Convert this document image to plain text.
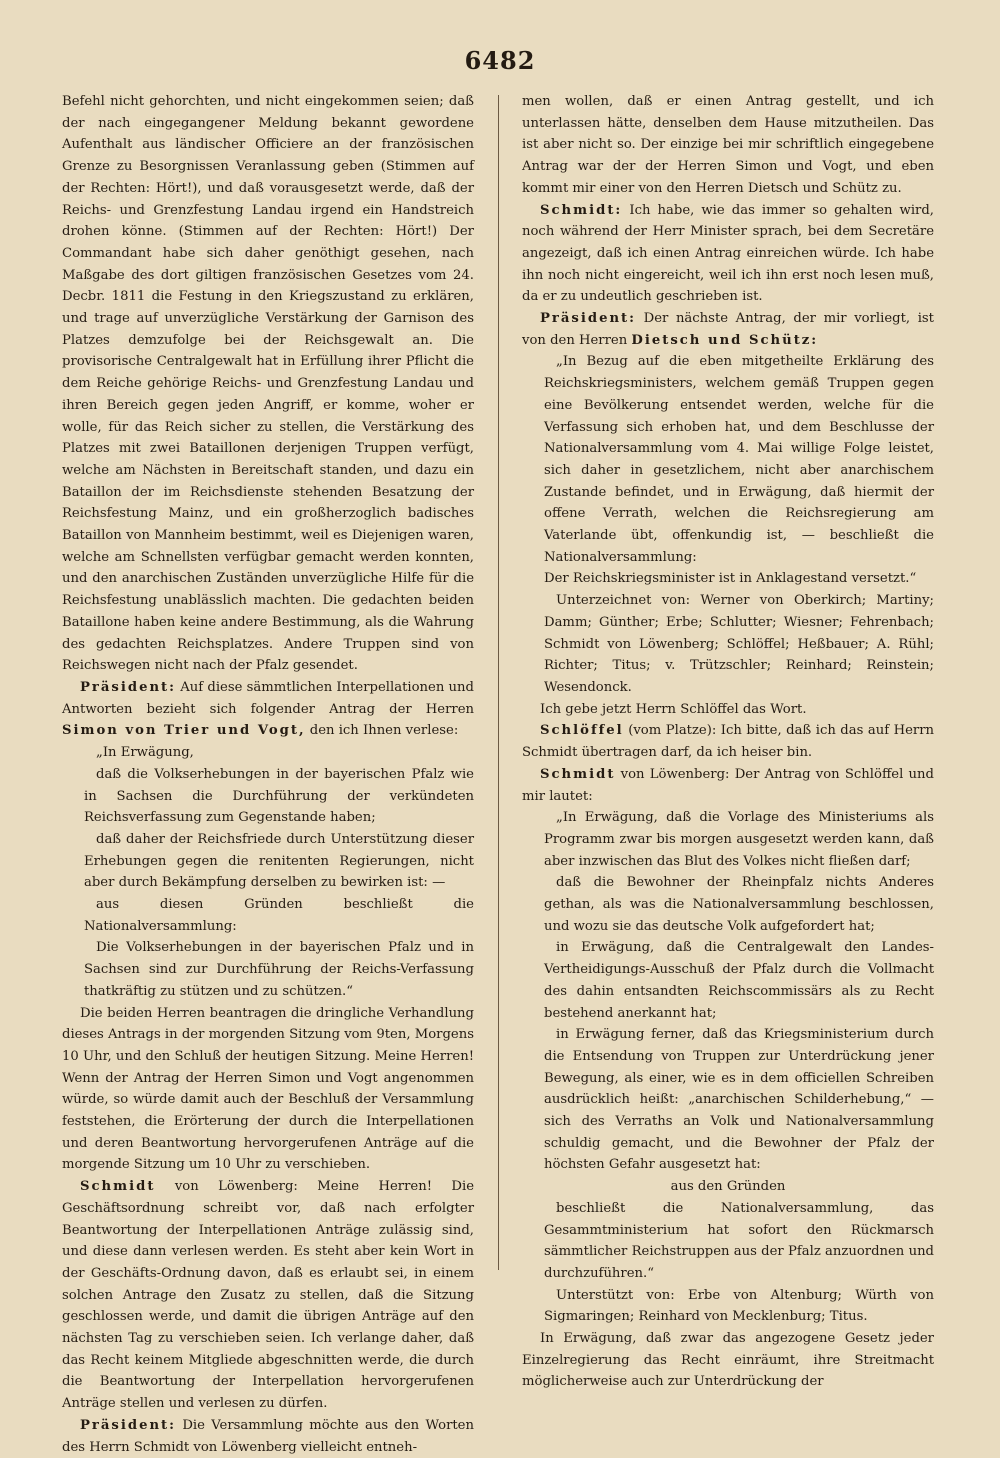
6482

Befehl nicht gehorchten, und nicht eingekommen seien; daß der nach eingegangener Meldung bekannt gewordene Aufenthalt aus ländischer Officiere an der französischen Grenze zu Besorgnissen Veranlassung geben (Stimmen auf der Rechten: Hört!), und daß vorausgesetzt werde, daß der Reichs- und Grenzfestung Landau irgend ein Handstreich drohen könne. (Stimmen auf der Rechten: Hört!) Der Commandant habe sich daher genöthigt gesehen, nach Maßgabe des dort giltigen französischen Gesetzes vom 24. Decbr. 1811 die Festung in den Kriegszustand zu erklären, und trage auf unverzügliche Verstärkung der Garnison des Platzes demzufolge bei der Reichsgewalt an. Die provisorische Centralgewalt hat in Erfüllung ihrer Pflicht die dem Reiche gehörige Reichs- und Grenzfestung Landau und ihren Bereich gegen jeden Angriff, er komme, woher er wolle, für das Reich sicher zu stellen, die Verstärkung des Platzes mit zwei Bataillonen derjenigen Truppen verfügt, welche am Nächsten in Bereitschaft standen, und dazu ein Bataillon der im Reichsdienste stehenden Besatzung der Reichsfestung Mainz, und ein großherzoglich badisches Bataillon von Mannheim bestimmt, weil es Diejenigen waren, welche am Schnellsten verfügbar gemacht werden konnten, und den anarchischen Zuständen unverzügliche Hilfe für die Reichsfestung unablässlich machten. Die gedachten beiden Bataillone haben keine andere Bestimmung, als die Wahrung des gedachten Reichsplatzes. Andere Truppen sind von Reichswegen nicht nach der Pfalz gesendet.

Präsident: Auf diese sämmtlichen Interpellationen und Antworten bezieht sich folgender Antrag der Herren Simon von Trier und Vogt, den ich Ihnen verlese:

„In Erwägung,

daß die Volkserhebungen in der bayerischen Pfalz wie in Sachsen die Durchführung der verkündeten Reichsverfassung zum Gegenstande haben;

daß daher der Reichsfriede durch Unterstützung dieser Erhebungen gegen die renitenten Regierungen, nicht aber durch Bekämpfung derselben zu bewirken ist: —

aus diesen Gründen beschließt die Nationalversammlung:

Die Volkserhebungen in der bayerischen Pfalz und in Sachsen sind zur Durchführung der Reichs-Verfassung thatkräftig zu stützen und zu schützen.“

Die beiden Herren beantragen die dringliche Verhandlung dieses Antrags in der morgenden Sitzung vom 9ten, Morgens 10 Uhr, und den Schluß der heutigen Sitzung. Meine Herren! Wenn der Antrag der Herren Simon und Vogt angenommen würde, so würde damit auch der Beschluß der Versammlung feststehen, die Erörterung der durch die Interpellationen und deren Beantwortung hervorgerufenen Anträge auf die morgende Sitzung um 10 Uhr zu verschieben.

Schmidt von Löwenberg: Meine Herren! Die Geschäftsordnung schreibt vor, daß nach erfolgter Beantwortung der Interpellationen Anträge zulässig sind, und diese dann verlesen werden. Es steht aber kein Wort in der Geschäfts-Ordnung davon, daß es erlaubt sei, in einem solchen Antrage den Zusatz zu stellen, daß die Sitzung geschlossen werde, und damit die übrigen Anträge auf den nächsten Tag zu verschieben seien. Ich verlange daher, daß das Recht keinem Mitgliede abgeschnitten werde, die durch die Beantwortung der Interpellation hervorgerufenen Anträge stellen und verlesen zu dürfen.

Präsident: Die Versammlung möchte aus den Worten des Herrn Schmidt von Löwenberg vielleicht entneh-

men wollen, daß er einen Antrag gestellt, und ich unterlassen hätte, denselben dem Hause mitzutheilen. Das ist aber nicht so. Der einzige bei mir schriftlich eingegebene Antrag war der der Herren Simon und Vogt, und eben kommt mir einer von den Herren Dietsch und Schütz zu.

Schmidt: Ich habe, wie das immer so gehalten wird, noch während der Herr Minister sprach, bei dem Secretäre angezeigt, daß ich einen Antrag einreichen würde. Ich habe ihn noch nicht eingereicht, weil ich ihn erst noch lesen muß, da er zu undeutlich geschrieben ist.

Präsident: Der nächste Antrag, der mir vorliegt, ist von den Herren Dietsch und Schütz:

„In Bezug auf die eben mitgetheilte Erklärung des Reichskriegsministers, welchem gemäß Truppen gegen eine Bevölkerung entsendet werden, welche für die Verfassung sich erhoben hat, und dem Beschlusse der Nationalversammlung vom 4. Mai willige Folge leistet, sich daher in gesetzlichem, nicht aber anarchischem Zustande befindet, und in Erwägung, daß hiermit der offene Verrath, welchen die Reichsregierung am Vaterlande übt, offenkundig ist, — beschließt die Nationalversammlung:

Der Reichskriegsminister ist in Anklagestand versetzt.“

Unterzeichnet von: Werner von Oberkirch; Martiny; Damm; Günther; Erbe; Schlutter; Wiesner; Fehrenbach; Schmidt von Löwenberg; Schlöffel; Heßbauer; A. Rühl; Richter; Titus; v. Trützschler; Reinhard; Reinstein; Wesendonck.

Ich gebe jetzt Herrn Schlöffel das Wort.

Schlöffel (vom Platze): Ich bitte, daß ich das auf Herrn Schmidt übertragen darf, da ich heiser bin.

Schmidt von Löwenberg: Der Antrag von Schlöffel und mir lautet:

„In Erwägung, daß die Vorlage des Ministeriums als Programm zwar bis morgen ausgesetzt werden kann, daß aber inzwischen das Blut des Volkes nicht fließen darf;

daß die Bewohner der Rheinpfalz nichts Anderes gethan, als was die Nationalversammlung beschlossen, und wozu sie das deutsche Volk aufgefordert hat;

in Erwägung, daß die Centralgewalt den Landes-Vertheidigungs-Ausschuß der Pfalz durch die Vollmacht des dahin entsandten Reichscommissärs als zu Recht bestehend anerkannt hat;

in Erwägung ferner, daß das Kriegsministerium durch die Entsendung von Truppen zur Unterdrückung jener Bewegung, als einer, wie es in dem officiellen Schreiben ausdrücklich heißt: „anarchischen Schilderhebung,“ — sich des Verraths an Volk und Nationalversammlung schuldig gemacht, und die Bewohner der Pfalz der höchsten Gefahr ausgesetzt hat:

aus den Gründen

beschließt die Nationalversammlung, das Gesammtministerium hat sofort den Rückmarsch sämmtlicher Reichstruppen aus der Pfalz anzuordnen und durchzuführen.“

Unterstützt von: Erbe von Altenburg; Würth von Sigmaringen; Reinhard von Mecklenburg; Titus.

In Erwägung, daß zwar das angezogene Gesetz jeder Einzelregierung das Recht einräumt, ihre Streitmacht möglicherweise auch zur Unterdrückung der
